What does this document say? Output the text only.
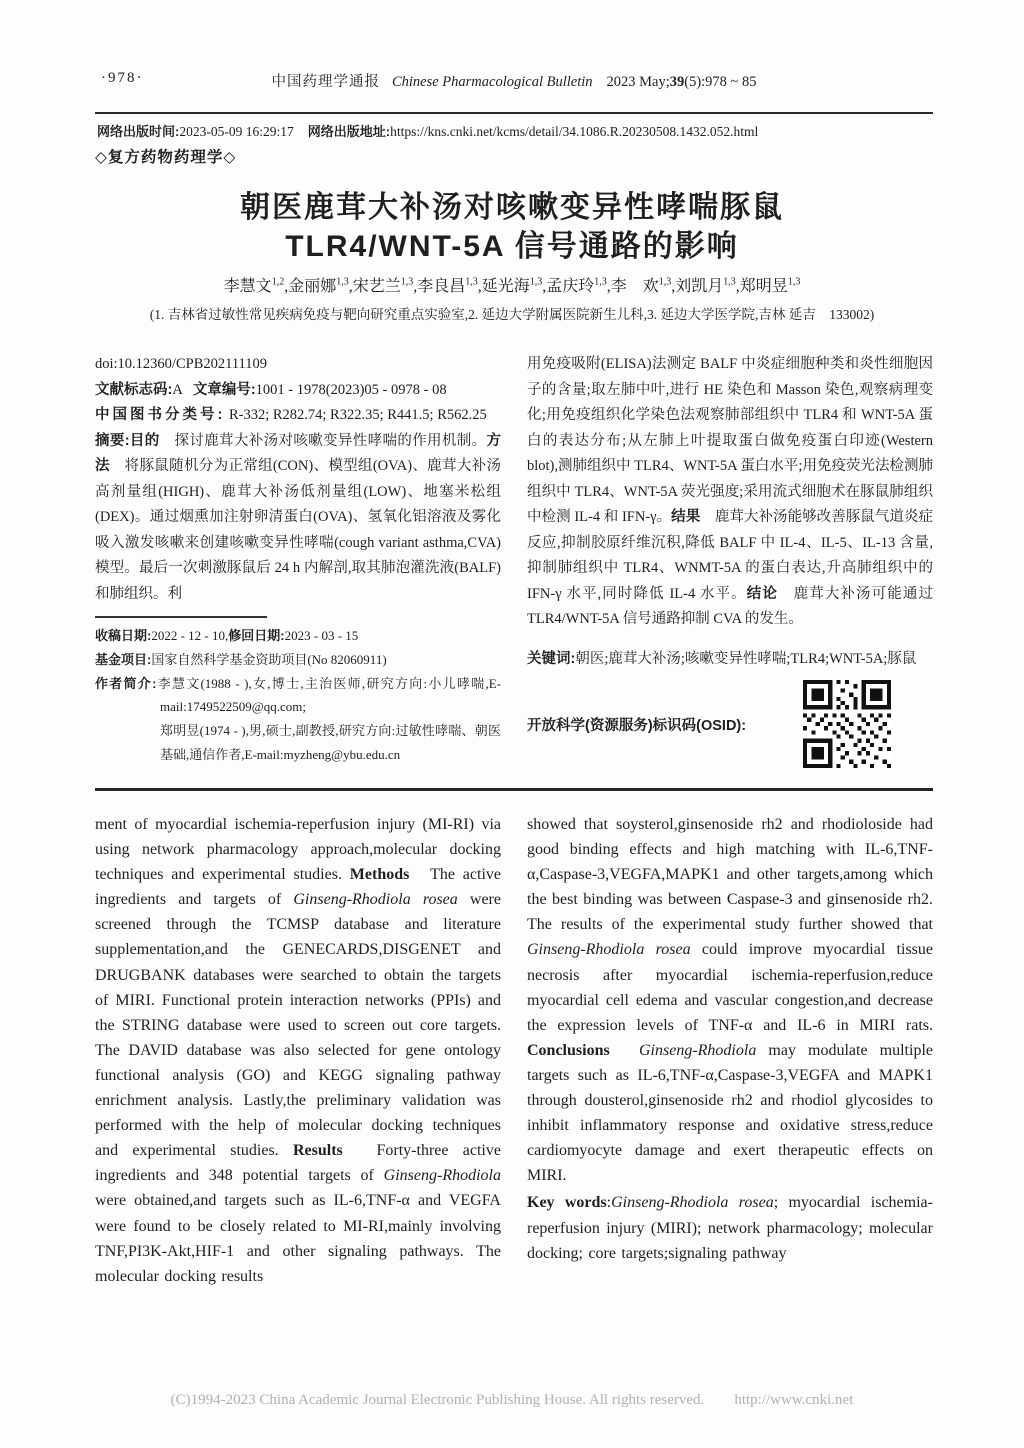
·978·	中国药理学通报 Chinese Pharmacological Bulletin 2023 May;39(5):978 ~ 85
网络出版时间:2023-05-09 16:29:17 网络出版地址:https://kns.cnki.net/kcms/detail/34.1086.R.20230508.1432.052.html
◇复方药物药理学◇
朝医鹿茸大补汤对咳嗽变异性哮喘豚鼠
TLR4/WNT-5A 信号通路的影响
李慧文$^{1,2}$,金丽娜$^{1,3}$,宋艺兰$^{1,3}$,李良昌$^{1,3}$,延光海$^{1,3}$,孟庆玲$^{1,3}$,李　欢$^{1,3}$,刘凯月$^{1,3}$,郑明昱$^{1,3}$
(1. 吉林省过敏性常见疾病免疫与靶向研究重点实验室,2. 延边大学附属医院新生儿科,3. 延边大学医学院,吉林 延吉　133002)

doi:10.12360/CPB202111109

文献标志码:A 文章编号:1001 - 1978(2023)05 - 0978 - 08

中国图书分类号: R-332; R282.74; R322.35; R441.5; R562.25

摘要:目的　探讨鹿茸大补汤对咳嗽变异性哮喘的作用机制。方法　将豚鼠随机分为正常组(CON)、模型组(OVA)、鹿茸大补汤高剂量组(HIGH)、鹿茸大补汤低剂量组(LOW)、地塞米松组(DEX)。通过烟熏加注射卵清蛋白(OVA)、氢氧化铝溶液及雾化吸入激发咳嗽来创建咳嗽变异性哮喘(cough variant asthma,CVA)模型。最后一次刺激豚鼠后 24 h 内解剖,取其肺泡灌洗液(BALF)和肺组织。利

收稿日期:2022 - 12 - 10,修回日期:2023 - 03 - 15

基金项目:国家自然科学基金资助项目(No 82060911)

作者简介:李慧文(1988 - ),女,博士,主治医师,研究方向:小儿哮喘,E-mail:1749522509@qq.com;

郑明昱(1974 - ),男,硕士,副教授,研究方向:过敏性哮喘、朝医基础,通信作者,E-mail:myzheng@ybu.edu.cn

用免疫吸附(ELISA)法测定 BALF 中炎症细胞种类和炎性细胞因子的含量;取左肺中叶,进行 HE 染色和 Masson 染色,观察病理变化;用免疫组织化学染色法观察肺部组织中 TLR4 和 WNT-5A 蛋白的表达分布;从左肺上叶提取蛋白做免疫蛋白印迹(Western blot),测肺组织中 TLR4、WNT-5A 蛋白水平;用免疫荧光法检测肺组织中 TLR4、WNT-5A 荧光强度;采用流式细胞术在豚鼠肺组织中检测 IL-4 和 IFN-γ。结果　鹿茸大补汤能够改善豚鼠气道炎症反应,抑制胶原纤维沉积,降低 BALF 中 IL-4、IL-5、IL-13 含量,抑制肺组织中 TLR4、WNMT-5A 的蛋白表达,升高肺组织中的 IFN-γ 水平,同时降低 IL-4 水平。结论　鹿茸大补汤可能通过 TLR4/WNT-5A 信号通路抑制 CVA 的发生。

关键词:朝医;鹿茸大补汤;咳嗽变异性哮喘;TLR4;WNT-5A;豚鼠

开放科学(资源服务)标识码(OSID):

ment of myocardial ischemia-reperfusion injury (MI-RI) via using network pharmacology approach,molecular docking techniques and experimental studies. Methods　The active ingredients and targets of Ginseng-Rhodiola rosea were screened through the TCMSP database and literature supplementation,and the GENECARDS,DISGENET and DRUGBANK databases were searched to obtain the targets of MIRI. Functional protein interaction networks (PPIs) and the STRING database were used to screen out core targets. The DAVID database was also selected for gene ontology functional analysis (GO) and KEGG signaling pathway enrichment analysis. Lastly,the preliminary validation was performed with the help of molecular docking techniques and experimental studies. Results　Forty-three active ingredients and 348 potential targets of Ginseng-Rhodiola were obtained,and targets such as IL-6,TNF-α and VEGFA were found to be closely related to MI-RI,mainly involving TNF,PI3K-Akt,HIF-1 and other signaling pathways. The molecular docking results

showed that soysterol,ginsenoside rh2 and rhodioloside had good binding effects and high matching with IL-6,TNF-α,Caspase-3,VEGFA,MAPK1 and other targets,among which the best binding was between Caspase-3 and ginsenoside rh2. The results of the experimental study further showed that Ginseng-Rhodiola rosea could improve myocardial tissue necrosis after myocardial ischemia-reperfusion,reduce myocardial cell edema and vascular congestion,and decrease the expression levels of TNF-α and IL-6 in MIRI rats. Conclusions　 Ginseng-Rhodiola may modulate multiple targets such as IL-6,TNF-α,Caspase-3,VEGFA and MAPK1 through dousterol,ginsenoside rh2 and rhodiol glycosides to inhibit inflammatory response and oxidative stress,reduce cardiomyocyte damage and exert therapeutic effects on MIRI.

Key words:Ginseng-Rhodiola rosea; myocardial ischemia-reperfusion injury (MIRI); network pharmacology; molecular docking; core targets;signaling pathway

(C)1994-2023 China Academic Journal Electronic Publishing House. All rights reserved. http://www.cnki.net
